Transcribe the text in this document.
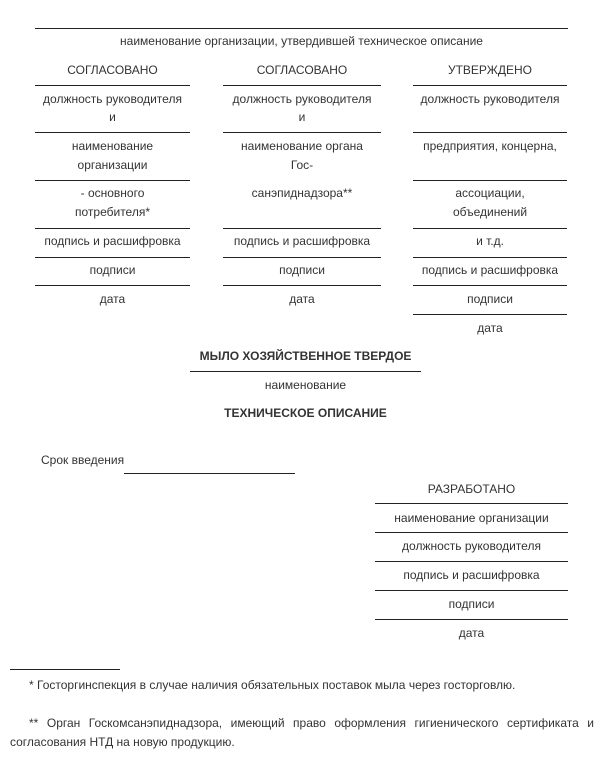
наименование организации, утвердившей техническое описание
СОГЛАСОВАНО
должность руководителя
и
наименование
организации
- основного
потребителя*
подпись и расшифровка
подписи
дата
СОГЛАСОВАНО
должность руководителя
и
наименование органа
Гос-
санэпиднадзора**
подпись и расшифровка
подписи
дата
УТВЕРЖДЕНО
должность руководителя
предприятия, концерна,
ассоциации,
объединений
и т.д.
подпись и расшифровка
подписи
дата
МЫЛО ХОЗЯЙСТВЕННОЕ ТВЕРДОЕ
наименование
ТЕХНИЧЕСКОЕ ОПИСАНИЕ
Срок введения
РАЗРАБОТАНО
наименование организации
должность руководителя
подпись и расшифровка
подписи
дата
* Госторгинспекция в случае наличия обязательных поставок мыла через госторговлю.
** Орган Госкомсанэпиднадзора, имеющий право оформления гигиенического сертификата и
согласования НТД на новую продукцию.
